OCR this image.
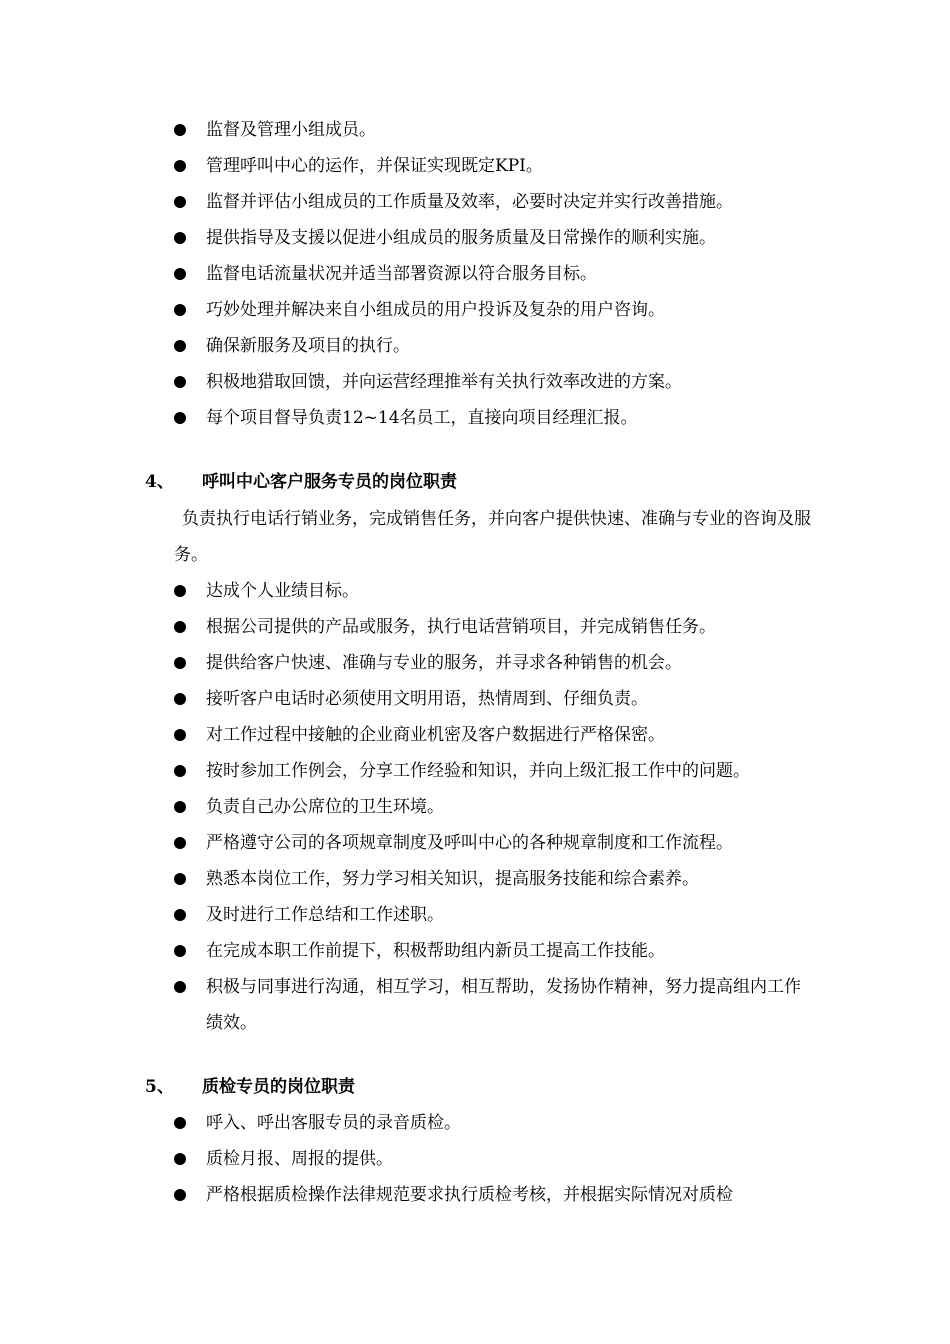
监督及管理小组成员。
管理呼叫中心的运作，并保证实现既定KPI。
监督并评估小组成员的工作质量及效率，必要时决定并实行改善措施。
提供指导及支援以促进小组成员的服务质量及日常操作的顺利实施。
监督电话流量状况并适当部署资源以符合服务目标。
巧妙处理并解决来自小组成员的用户投诉及复杂的用户咨询。
确保新服务及项目的执行。
积极地猎取回馈，并向运营经理推举有关执行效率改进的方案。
每个项目督导负责12~14名员工，直接向项目经理汇报。
4、 呼叫中心客户服务专员的岗位职责
负责执行电话行销业务，完成销售任务，并向客户提供快速、准确与专业的咨询及服务。
达成个人业绩目标。
根据公司提供的产品或服务，执行电话营销项目，并完成销售任务。
提供给客户快速、准确与专业的服务，并寻求各种销售的机会。
接听客户电话时必须使用文明用语，热情周到、仔细负责。
对工作过程中接触的企业商业机密及客户数据进行严格保密。
按时参加工作例会，分享工作经验和知识，并向上级汇报工作中的问题。
负责自己办公席位的卫生环境。
严格遵守公司的各项规章制度及呼叫中心的各种规章制度和工作流程。
熟悉本岗位工作，努力学习相关知识，提高服务技能和综合素养。
及时进行工作总结和工作述职。
在完成本职工作前提下，积极帮助组内新员工提高工作技能。
积极与同事进行沟通，相互学习，相互帮助，发扬协作精神，努力提高组内工作绩效。
5、 质检专员的岗位职责
呼入、呼出客服专员的录音质检。
质检月报、周报的提供。
严格根据质检操作法律规范要求执行质检考核，并根据实际情况对质检
